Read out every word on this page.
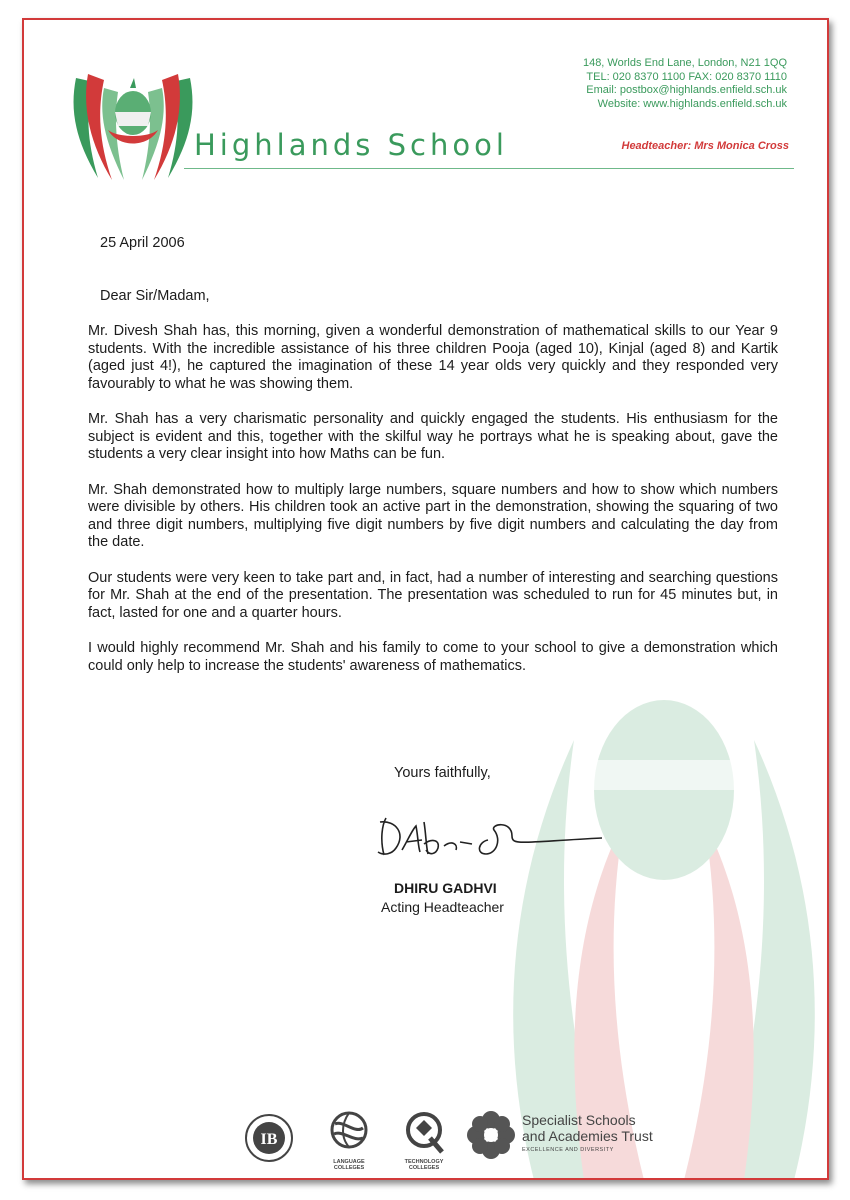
Highlands School
148, Worlds End Lane, London, N21 1QQ
TEL: 020 8370 1100 FAX: 020 8370 1110
Email: postbox@highlands.enfield.sch.uk
Website: www.highlands.enfield.sch.uk
Headteacher: Mrs Monica Cross
25 April 2006
Dear Sir/Madam,

Mr. Divesh Shah has, this morning, given a wonderful demonstration of mathematical skills to our Year 9 students. With the incredible assistance of his three children Pooja (aged 10), Kinjal (aged 8) and Kartik (aged just 4!), he captured the imagination of these 14 year olds very quickly and they responded very favourably to what he was showing them.

Mr. Shah has a very charismatic personality and quickly engaged the students. His enthusiasm for the subject is evident and this, together with the skilful way he portrays what he is speaking about, gave the students a very clear insight into how Maths can be fun.

Mr. Shah demonstrated how to multiply large numbers, square numbers and how to show which numbers were divisible by others. His children took an active part in the demonstration, showing the squaring of two and three digit numbers, multiplying five digit numbers by five digit numbers and calculating the day from the date.

Our students were very keen to take part and, in fact, had a number of interesting and searching questions for Mr. Shah at the end of the presentation. The presentation was scheduled to run for 45 minutes but, in fact, lasted for one and a quarter hours.

I would highly recommend Mr. Shah and his family to come to your school to give a demonstration which could only help to increase the students' awareness of mathematics.

Yours faithfully,
DHIRU GADHVI
Acting Headteacher
IB
LANGUAGE
COLLEGES
TECHNOLOGY
COLLEGES
Specialist Schools
and Academies Trust
EXCELLENCE AND DIVERSITY
